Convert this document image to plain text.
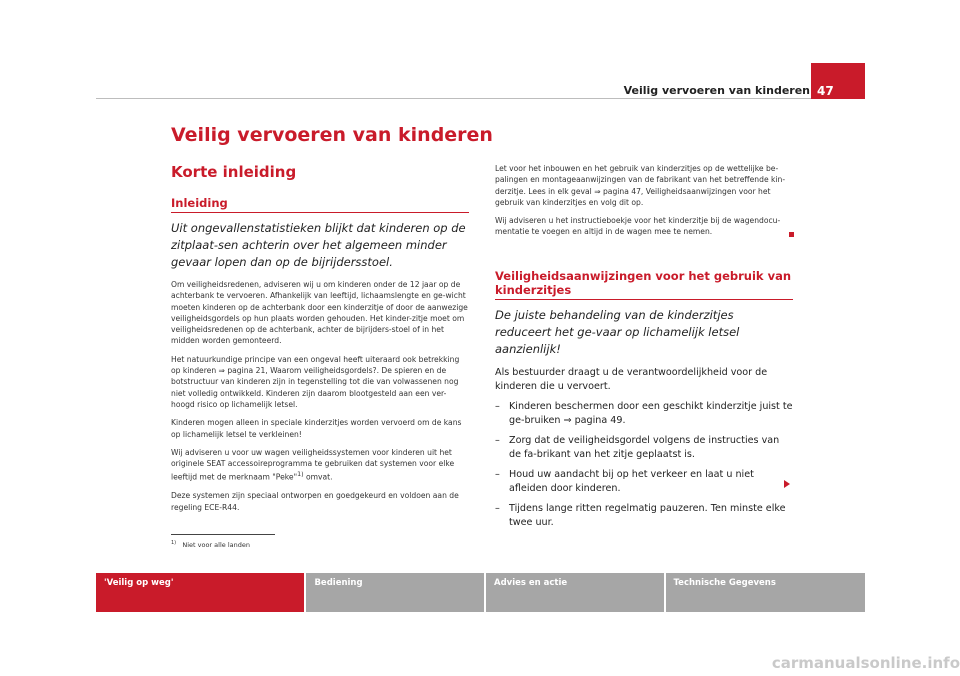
Veilig vervoeren van kinderen 47
Veilig vervoeren van kinderen
Korte inleiding
Inleiding

Uit ongevallenstatistieken blijkt dat kinderen op de zitplaat-sen achterin over het algemeen minder gevaar lopen dan op de bijrijdersstoel.

Om veiligheidsredenen, adviseren wij u om kinderen onder de 12 jaar op de achterbank te vervoeren. Afhankelijk van leeftijd, lichaamslengte en ge-wicht moeten kinderen op de achterbank door een kinderzitje of door de aanwezige veiligheidsgordels op hun plaats worden gehouden. Het kinder-zitje moet om veiligheidsredenen op de achterbank, achter de bijrijders-stoel of in het midden worden gemonteerd.

Het natuurkundige principe van een ongeval heeft uiteraard ook betrekking op kinderen ⇒ pagina 21, Waarom veiligheidsgordels?. De spieren en de botstructuur van kinderen zijn in tegenstelling tot die van volwassenen nog niet volledig ontwikkeld. Kinderen zijn daarom blootgesteld aan een ver-hoogd risico op lichamelijk letsel.

Kinderen mogen alleen in speciale kinderzitjes worden vervoerd om de kans op lichamelijk letsel te verkleinen!

Wij adviseren u voor uw wagen veiligheidssystemen voor kinderen uit het originele SEAT accessoireprogramma te gebruiken dat systemen voor elke leeftijd met de merknaam "Peke"$^{1)}$ omvat.

Deze systemen zijn speciaal ontworpen en goedgekeurd en voldoen aan de regeling ECE-R44.

$^{1)}$ Niet voor alle landen

Let voor het inbouwen en het gebruik van kinderzitjes op de wettelijke be-palingen en montageaanwijzingen van de fabrikant van het betreffende kin-derzitje. Lees in elk geval ⇒ pagina 47, Veiligheidsaanwijzingen voor het gebruik van kinderzitjes en volg dit op.

Wij adviseren u het instructieboekje voor het kinderzitje bij de wagendocu-mentatie te voegen en altijd in de wagen mee te nemen.

Veiligheidsaanwijzingen voor het gebruik van kinderzitjes

De juiste behandeling van de kinderzitjes reduceert het ge-vaar op lichamelijk letsel aanzienlijk!

Als bestuurder draagt u de verantwoordelijkheid voor de kinderen die u vervoert.

– Kinderen beschermen door een geschikt kinderzitje juist te ge-bruiken ⇒ pagina 49.
– Zorg dat de veiligheidsgordel volgens de instructies van de fa-brikant van het zitje geplaatst is.
– Houd uw aandacht bij op het verkeer en laat u niet afleiden door kinderen.
– Tijdens lange ritten regelmatig pauzeren. Ten minste elke twee uur.
'Veilig op weg'	Bediening	Advies en actie	Technische Gegevens
carmanualsonline.info
